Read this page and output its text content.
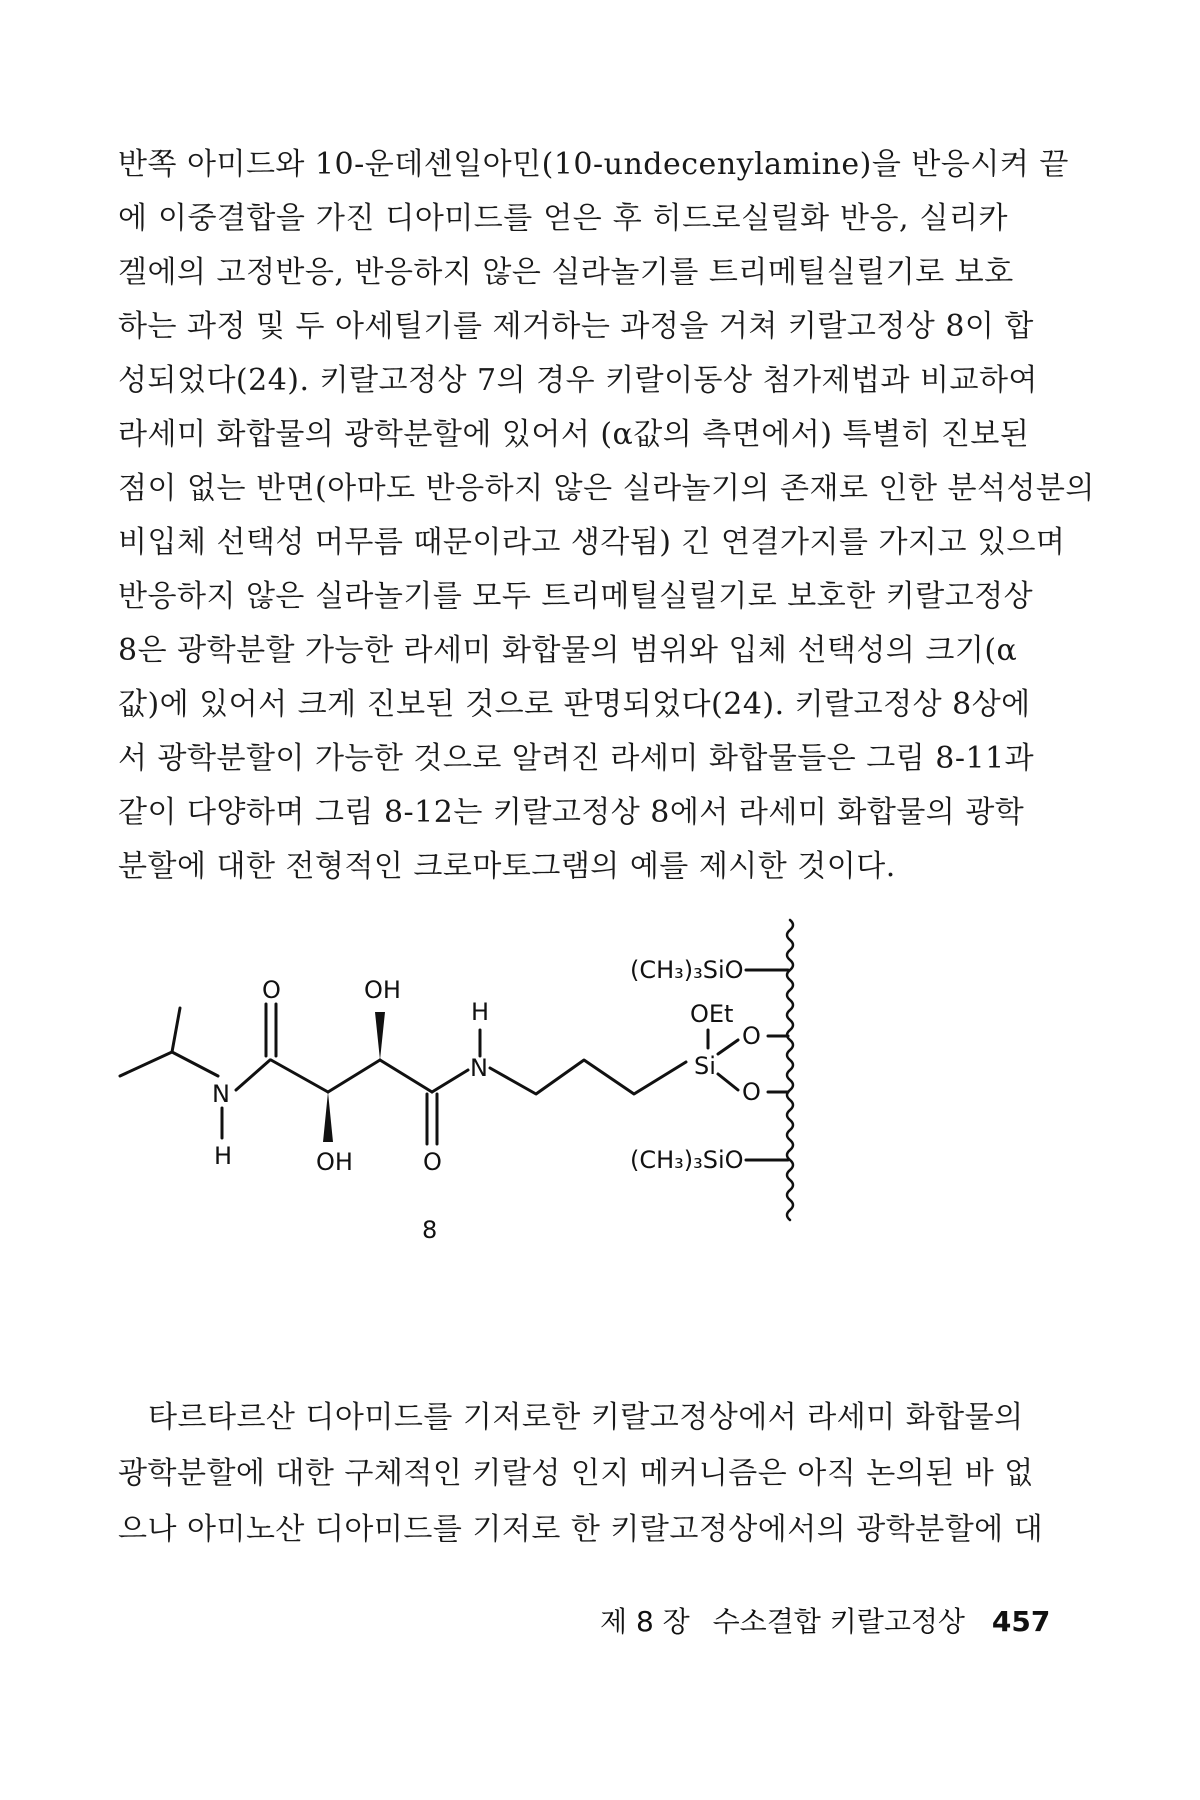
반쪽 아미드와 10-운데센일아민(10-undecenylamine)을 반응시켜 끝
에 이중결합을 가진 디아미드를 얻은 후 히드로실릴화 반응, 실리카
겔에의 고정반응, 반응하지 않은 실라놀기를 트리메틸실릴기로 보호
하는 과정 및 두 아세틸기를 제거하는 과정을 거쳐 키랄고정상 8이 합
성되었다(24). 키랄고정상 7의 경우 키랄이동상 첨가제법과 비교하여
라세미 화합물의 광학분할에 있어서 (α값의 측면에서) 특별히 진보된
점이 없는 반면(아마도 반응하지 않은 실라놀기의 존재로 인한 분석성분의
비입체 선택성 머무름 때문이라고 생각됨) 긴 연결가지를 가지고 있으며
반응하지 않은 실라놀기를 모두 트리메틸실릴기로 보호한 키랄고정상
8은 광학분할 가능한 라세미 화합물의 범위와 입체 선택성의 크기(α
값)에 있어서 크게 진보된 것으로 판명되었다(24). 키랄고정상 8상에
서 광학분할이 가능한 것으로 알려진 라세미 화합물들은 그림 8-11과
같이 다양하며 그림 8-12는 키랄고정상 8에서 라세미 화합물의 광학
분할에 대한 전형적인 크로마토그램의 예를 제시한 것이다.

O	OH
H
N
H	OH	O
N
(CH₃)₃SiO
OEt
Si
O
O
(CH₃)₃SiO
8

타르타르산 디아미드를 기저로한 키랄고정상에서 라세미 화합물의
광학분할에 대한 구체적인 키랄성 인지 메커니즘은 아직 논의된 바 없
으나 아미노산 디아미드를 기저로 한 키랄고정상에서의 광학분할에 대

제 8 장 수소결합 키랄고정상 457
